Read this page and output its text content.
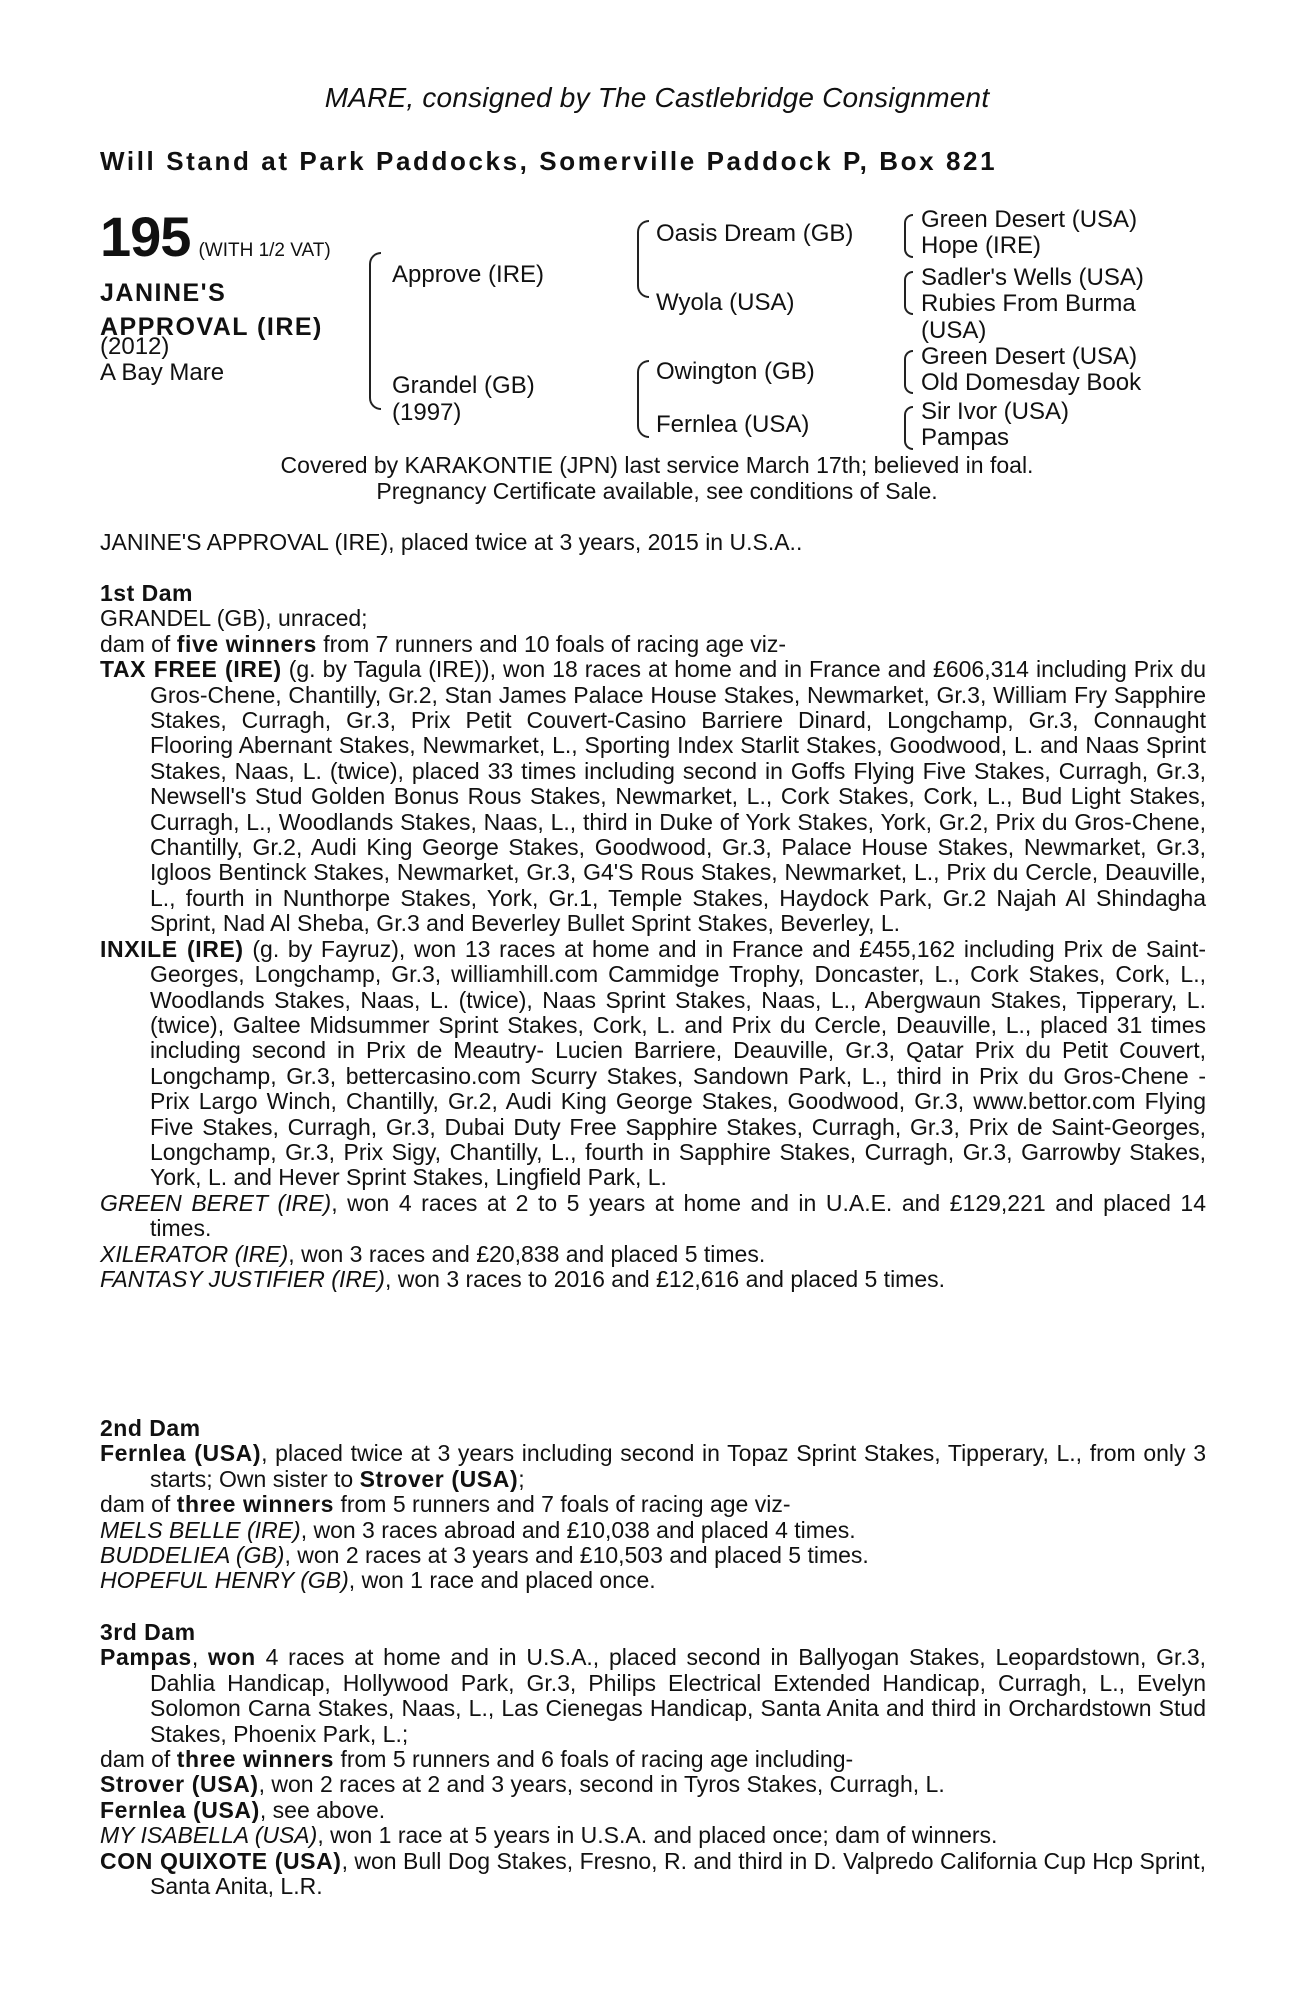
MARE, consigned by The Castlebridge Consignment
Will Stand at Park Paddocks, Somerville Paddock P, Box 821
195 (WITH 1/2 VAT)
JANINE'S
APPROVAL (IRE)
(2012)
A Bay Mare
Approve (IRE)
Grandel (GB)
(1997)
Oasis Dream (GB)
Wyola (USA)
Owington (GB)
Fernlea (USA)
Green Desert (USA)
Hope (IRE)
Sadler's Wells (USA)
Rubies From Burma
(USA)
Green Desert (USA)
Old Domesday Book
Sir Ivor (USA)
Pampas
Covered by KARAKONTIE (JPN) last service March 17th; believed in foal.
Pregnancy Certificate available, see conditions of Sale.
JANINE'S APPROVAL (IRE), placed twice at 3 years, 2015 in U.S.A..

1st Dam

GRANDEL (GB), unraced;

dam of five winners from 7 runners and 10 foals of racing age viz-

TAX FREE (IRE) (g. by Tagula (IRE)), won 18 races at home and in France and £606,314 including Prix du Gros-Chene, Chantilly, Gr.2, Stan James Palace House Stakes, Newmarket, Gr.3, William Fry Sapphire Stakes, Curragh, Gr.3, Prix Petit Couvert-Casino Barriere Dinard, Longchamp, Gr.3, Connaught Flooring Abernant Stakes, Newmarket, L., Sporting Index Starlit Stakes, Goodwood, L. and Naas Sprint Stakes, Naas, L. (twice), placed 33 times including second in Goffs Flying Five Stakes, Curragh, Gr.3, Newsell's Stud Golden Bonus Rous Stakes, Newmarket, L., Cork Stakes, Cork, L., Bud Light Stakes, Curragh, L., Woodlands Stakes, Naas, L., third in Duke of York Stakes, York, Gr.2, Prix du Gros-Chene, Chantilly, Gr.2, Audi King George Stakes, Goodwood, Gr.3, Palace House Stakes, Newmarket, Gr.3, Igloos Bentinck Stakes, Newmarket, Gr.3, G4'S Rous Stakes, Newmarket, L., Prix du Cercle, Deauville, L., fourth in Nunthorpe Stakes, York, Gr.1, Temple Stakes, Haydock Park, Gr.2 Najah Al Shindagha Sprint, Nad Al Sheba, Gr.3 and Beverley Bullet Sprint Stakes, Beverley, L.

INXILE (IRE) (g. by Fayruz), won 13 races at home and in France and £455,162 including Prix de Saint-Georges, Longchamp, Gr.3, williamhill.com Cammidge Trophy, Doncaster, L., Cork Stakes, Cork, L., Woodlands Stakes, Naas, L. (twice), Naas Sprint Stakes, Naas, L., Abergwaun Stakes, Tipperary, L. (twice), Galtee Midsummer Sprint Stakes, Cork, L. and Prix du Cercle, Deauville, L., placed 31 times including second in Prix de Meautry- Lucien Barriere, Deauville, Gr.3, Qatar Prix du Petit Couvert, Longchamp, Gr.3, bettercasino.com Scurry Stakes, Sandown Park, L., third in Prix du Gros-Chene - Prix Largo Winch, Chantilly, Gr.2, Audi King George Stakes, Goodwood, Gr.3, www.bettor.com Flying Five Stakes, Curragh, Gr.3, Dubai Duty Free Sapphire Stakes, Curragh, Gr.3, Prix de Saint-Georges, Longchamp, Gr.3, Prix Sigy, Chantilly, L., fourth in Sapphire Stakes, Curragh, Gr.3, Garrowby Stakes, York, L. and Hever Sprint Stakes, Lingfield Park, L.

GREEN BERET (IRE), won 4 races at 2 to 5 years at home and in U.A.E. and £129,221 and placed 14 times.

XILERATOR (IRE), won 3 races and £20,838 and placed 5 times.

FANTASY JUSTIFIER (IRE), won 3 races to 2016 and £12,616 and placed 5 times.

2nd Dam

Fernlea (USA), placed twice at 3 years including second in Topaz Sprint Stakes, Tipperary, L., from only 3 starts; Own sister to Strover (USA);

dam of three winners from 5 runners and 7 foals of racing age viz-

MELS BELLE (IRE), won 3 races abroad and £10,038 and placed 4 times.

BUDDELIEA (GB), won 2 races at 3 years and £10,503 and placed 5 times.

HOPEFUL HENRY (GB), won 1 race and placed once.

3rd Dam

Pampas, won 4 races at home and in U.S.A., placed second in Ballyogan Stakes, Leopardstown, Gr.3, Dahlia Handicap, Hollywood Park, Gr.3, Philips Electrical Extended Handicap, Curragh, L., Evelyn Solomon Carna Stakes, Naas, L., Las Cienegas Handicap, Santa Anita and third in Orchardstown Stud Stakes, Phoenix Park, L.;

dam of three winners from 5 runners and 6 foals of racing age including-

Strover (USA), won 2 races at 2 and 3 years, second in Tyros Stakes, Curragh, L.

Fernlea (USA), see above.

MY ISABELLA (USA), won 1 race at 5 years in U.S.A. and placed once; dam of winners.

CON QUIXOTE (USA), won Bull Dog Stakes, Fresno, R. and third in D. Valpredo California Cup Hcp Sprint, Santa Anita, L.R.
